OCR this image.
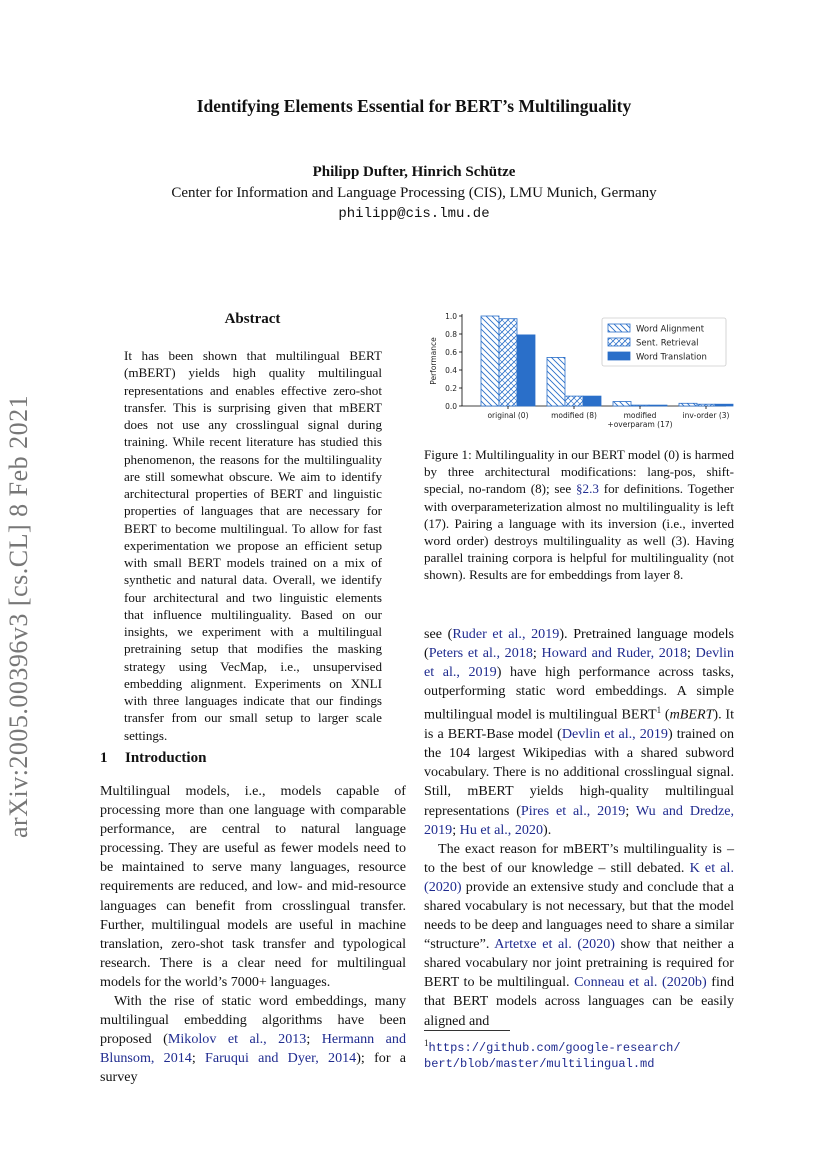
Identifying Elements Essential for BERT’s Multilinguality
Philipp Dufter, Hinrich Schütze
Center for Information and Language Processing (CIS), LMU Munich, Germany
philipp@cis.lmu.de
arXiv:2005.00396v3 [cs.CL] 8 Feb 2021
Abstract
It has been shown that multilingual BERT (mBERT) yields high quality multilingual representations and enables effective zero-shot transfer. This is surprising given that mBERT does not use any crosslingual signal during training. While recent literature has studied this phenomenon, the reasons for the multilinguality are still somewhat obscure. We aim to identify architectural properties of BERT and linguistic properties of languages that are necessary for BERT to become multilingual. To allow for fast experimentation we propose an efficient setup with small BERT models trained on a mix of synthetic and natural data. Overall, we identify four architectural and two linguistic elements that influence multilinguality. Based on our insights, we experiment with a multilingual pretraining setup that modifies the masking strategy using VecMap, i.e., unsupervised embedding alignment. Experiments on XNLI with three languages indicate that our findings transfer from our small setup to larger scale settings.
1 Introduction

Multilingual models, i.e., models capable of processing more than one language with comparable performance, are central to natural language processing. They are useful as fewer models need to be maintained to serve many languages, resource requirements are reduced, and low- and mid-resource languages can benefit from crosslingual transfer. Further, multilingual models are useful in machine translation, zero-shot task transfer and typological research. There is a clear need for multilingual models for the world’s 7000+ languages.

With the rise of static word embeddings, many multilingual embedding algorithms have been proposed (Mikolov et al., 2013; Hermann and Blunsom, 2014; Faruqui and Dyer, 2014); for a survey

0.0
0.2
0.4
0.6
0.8
1.0
Performance
original (0)	modified (8)	modified
+overparam (17)
inv-order (3)
Word Alignment
Sent. Retrieval
Word Translation
Figure 1: Multilinguality in our BERT model (0) is harmed by three architectural modifications: lang-pos, shift-special, no-random (8); see §2.3 for definitions. Together with overparameterization almost no multilinguality is left (17). Pairing a language with its inversion (i.e., inverted word order) destroys multilinguality as well (3). Having parallel training corpora is helpful for multilinguality (not shown). Results are for embeddings from layer 8.

see (Ruder et al., 2019). Pretrained language models (Peters et al., 2018; Howard and Ruder, 2018; Devlin et al., 2019) have high performance across tasks, outperforming static word embeddings. A simple multilingual model is multilingual BERT$^1$ (mBERT). It is a BERT-Base model (Devlin et al., 2019) trained on the 104 largest Wikipedias with a shared subword vocabulary. There is no additional crosslingual signal. Still, mBERT yields high-quality multilingual representations (Pires et al., 2019; Wu and Dredze, 2019; Hu et al., 2020).

The exact reason for mBERT’s multilinguality is – to the best of our knowledge – still debated. K et al. (2020) provide an extensive study and conclude that a shared vocabulary is not necessary, but that the model needs to be deep and languages need to share a similar “structure”. Artetxe et al. (2020) show that neither a shared vocabulary nor joint pretraining is required for BERT to be multilingual. Conneau et al. (2020b) find that BERT models across languages can be easily aligned and

$^1$https://github.com/google-research/
bert/blob/master/multilingual.md
